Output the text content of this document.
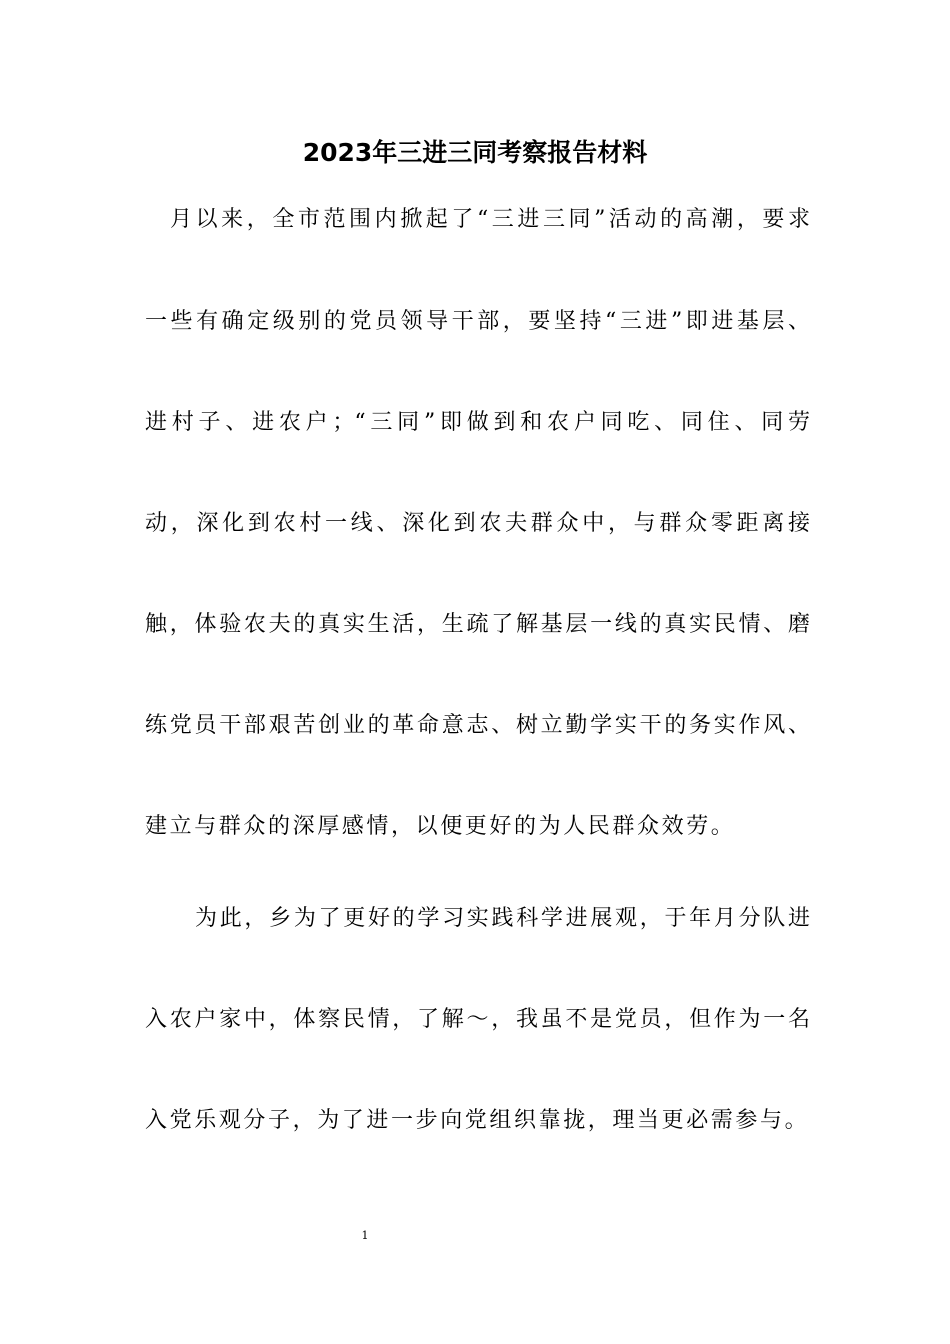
2023年三进三同考察报告材料
月以来，全市范围内掀起了“三进三同”活动的高潮，要求
一些有确定级别的党员领导干部，要坚持“三进”即进基层、
进村子、进农户；“三同”即做到和农户同吃、同住、同劳
动，深化到农村一线、深化到农夫群众中，与群众零距离接
触，体验农夫的真实生活，生疏了解基层一线的真实民情、磨
练党员干部艰苦创业的革命意志、树立勤学实干的务实作风、
建立与群众的深厚感情，以便更好的为人民群众效劳。
为此，乡为了更好的学习实践科学进展观，于年月分队进
入农户家中，体察民情，了解～，我虽不是党员，但作为一名
入党乐观分子，为了进一步向党组织靠拢，理当更必需参与。
1
